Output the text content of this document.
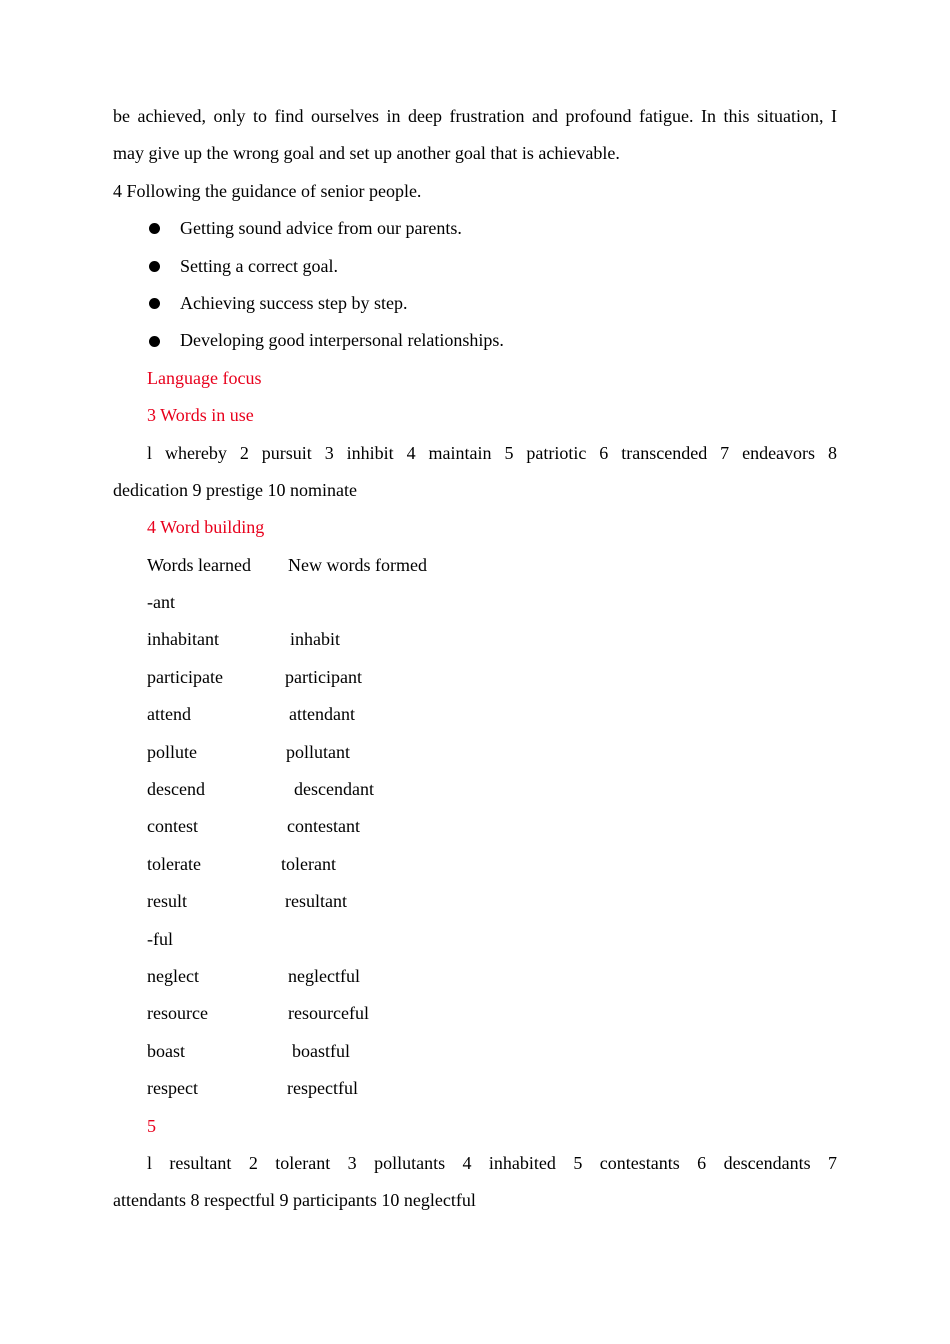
be achieved, only to find ourselves in deep frustration and profound fatigue. In this situation, I
may give up the wrong goal and set up another goal that is achievable.
4 Following the guidance of senior people.
Getting sound advice from our parents.
Setting a correct goal.
Achieving success step by step.
Developing good interpersonal relationships.
Language focus
3 Words in use
l whereby 2 pursuit 3 inhibit 4 maintain 5 patriotic 6 transcended 7 endeavors 8
dedication 9 prestige 10 nominate
4 Word building
Words learned New words formed
-ant
inhabitant	inhabit
participate	participant
attend	attendant
pollute	pollutant
descend	descendant
contest	contestant
tolerate	tolerant
result	resultant
-ful
neglect	neglectful
resource	resourceful
boast	boastful
respect	respectful
5
l resultant 2 tolerant 3 pollutants 4 inhabited 5 contestants 6 descendants 7
attendants 8 respectful 9 participants 10 neglectful
